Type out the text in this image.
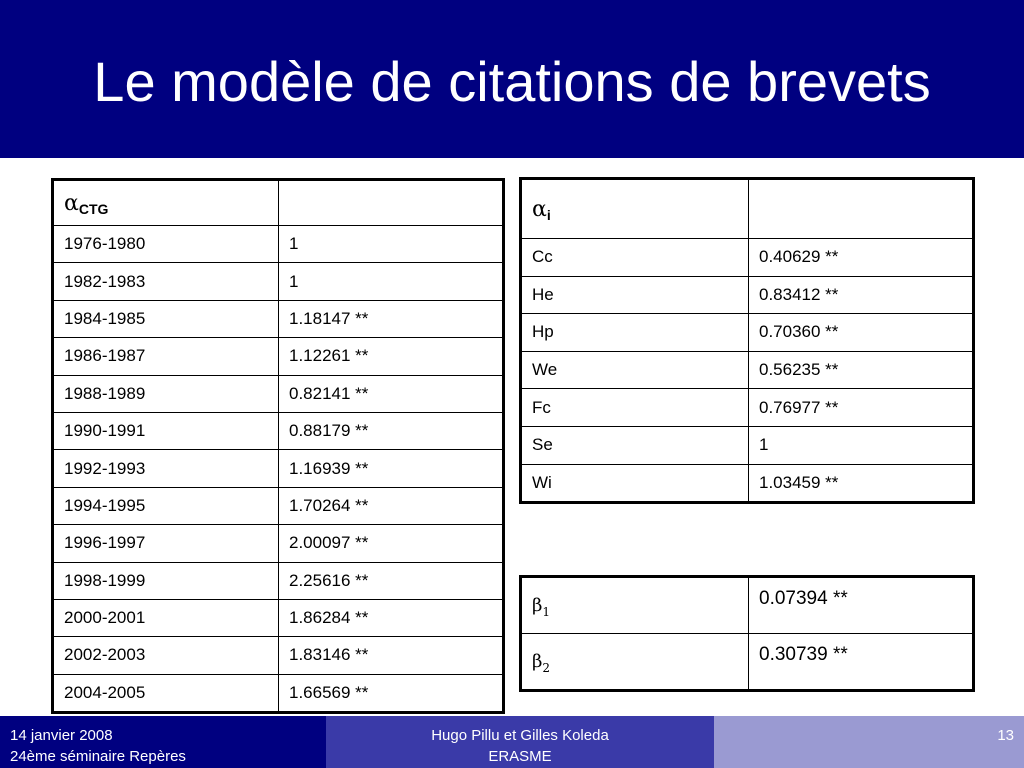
Le modèle de citations de brevets
$\alpha_{CTG}$	
1976-1980	1
1982-1983	1
1984-1985	1.18147 **
1986-1987	1.12261 **
1988-1989	0.82141 **
1990-1991	0.88179 **
1992-1993	1.16939 **
1994-1995	1.70264 **
1996-1997	2.00097 **
1998-1999	2.25616 **
2000-2001	1.86284 **
2002-2003	1.83146 **
2004-2005	1.66569 **
$\alpha_i$	
Cc	0.40629 **
He	0.83412 **
Hp	0.70360 **
We	0.56235 **
Fc	0.76977 **
Se	1
Wi	1.03459 **
$\beta_1$	0.07394 **
$\beta_2$	0.30739 **
14 janvier 2008
24ème séminaire Repères
Hugo Pillu et Gilles Koleda
ERASME
13
